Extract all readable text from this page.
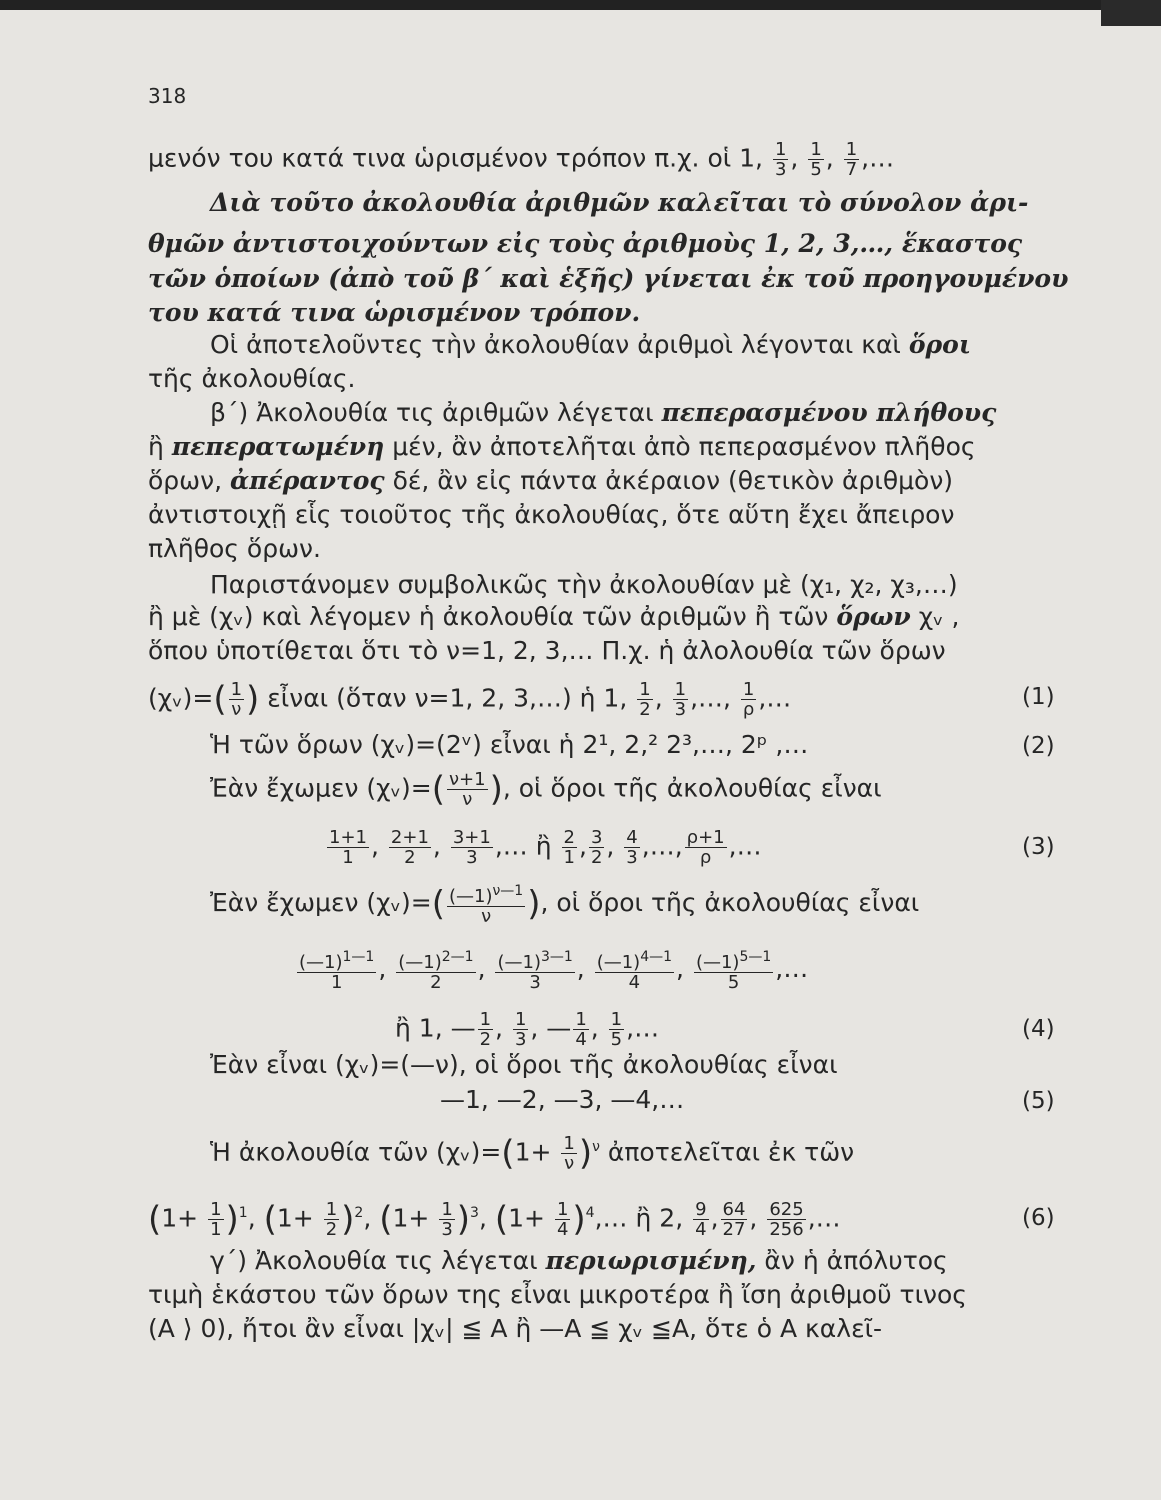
318
μενόν του κατά τινα ὡρισμένον τρόπον π.χ. οἱ 1, $\frac{1}{3}$ , $\frac{1}{5}$ , $\frac{1}{7}$ ,…
Διὰ τοῦτο ἀκολουθία ἀριθμῶν καλεῖται τὸ σύνολον ἀρι-
θμῶν ἀντιστοιχούντων εἰς τοὺς ἀριθμοὺς 1, 2, 3,…, ἕκαστος
τῶν ὁποίων (ἀπὸ τοῦ β΄ καὶ ἑξῆς) γίνεται ἐκ τοῦ προηγουμένου
του κατά τινα ὡρισμένον τρόπον.
Οἱ ἀποτελοῦντες τὴν ἀκολουθίαν ἀριθμοὶ λέγονται καὶ ὅροι
τῆς ἀκολουθίας.
β΄) Ἀκολουθία τις ἀριθμῶν λέγεται πεπερασμένου πλήθους
ἢ πεπερατωμένη μέν, ἂν ἀποτελῆται ἀπὸ πεπερασμένον πλῆθος
ὅρων, ἀπέραντος δέ, ἂν εἰς πάντα ἀκέραιον (θετικὸν ἀριθμὸν)
ἀντιστοιχῇ εἷς τοιοῦτος τῆς ἀκολουθίας, ὅτε αὕτη ἔχει ἄπειρον
πλῆθος ὅρων.
Παριστάνομεν συμβολικῶς τὴν ἀκολουθίαν μὲ (χ₁, χ₂, χ₃,…)
ἢ μὲ (χᵥ) καὶ λέγομεν ἡ ἀκολουθία τῶν ἀριθμῶν ἢ τῶν ὅρων χᵥ ,
ὅπου ὑποτίθεται ὅτι τὸ ν=1, 2, 3,… Π.χ. ἡ ἀλολουθία τῶν ὅρων
(χᵥ)=( $\frac{1}{\nu}$ ) εἶναι (ὅταν ν=1, 2, 3,…) ἡ 1, $\frac{1}{2}$ , $\frac{1}{3}$ ,…, $\frac{1}{\rho}$ ,…	(1)
Ἡ τῶν ὅρων (χᵥ)=(2ᵛ) εἶναι ἡ 2¹, 2,² 2³,…, 2ᵖ ,…	(2)
Ἐὰν ἔχωμεν (χᵥ)=( $\frac{\nu+1}{\nu}$ ), οἱ ὅροι τῆς ἀκολουθίας εἶναι
$\frac{1+1}{1}$ , $\frac{2+1}{2}$ , $\frac{3+1}{3}$ ,… ἢ $\frac{2}{1}$ , $\frac{3}{2}$ , $\frac{4}{3}$ ,…, $\frac{\rho+1}{\rho}$ ,…	(3)
Ἐὰν ἔχωμεν (χᵥ)=( $\frac{(—1)^{\nu—1}}{\nu}$ ), οἱ ὅροι τῆς ἀκολουθίας εἶναι
$\frac{(—1)^{1—1}}{1}$ , $\frac{(—1)^{2—1}}{2}$ , $\frac{(—1)^{3—1}}{3}$ , $\frac{(—1)^{4—1}}{4}$ , $\frac{(—1)^{5—1}}{5}$ ,…
ἢ 1, — $\frac{1}{2}$ , $\frac{1}{3}$ , — $\frac{1}{4}$ , $\frac{1}{5}$ ,…	(4)
Ἐὰν εἶναι (χᵥ)=(—ν), οἱ ὅροι τῆς ἀκολουθίας εἶναι
—1, —2, —3, —4,…	(5)
Ἡ ἀκολουθία τῶν (χᵥ)=(1+ $\frac{1}{\nu} )^\nu$ ἀποτελεῖται ἐκ τῶν
$(1+ \frac{1}{1} )^1$, $(1+ \frac{1}{2} )^2$, $(1+ \frac{1}{3} )^3$, ($1+ \frac{1}{4}$ )$^4,\dots$ ἢ 2, $\frac{9}{4}$ , $\frac{64}{27}$ , $\frac{625}{256}$ ,…	(6)
γ΄) Ἀκολουθία τις λέγεται περιωρισμένη, ἂν ἡ ἀπόλυτος
τιμὴ ἑκάστου τῶν ὅρων της εἶναι μικροτέρα ἢ ἴση ἀριθμοῦ τινος
(A ⟩ 0), ἤτοι ἂν εἶναι |χᵥ| ≦ A ἢ —A ≦ χᵥ ≦A, ὅτε ὁ A καλεῖ-
